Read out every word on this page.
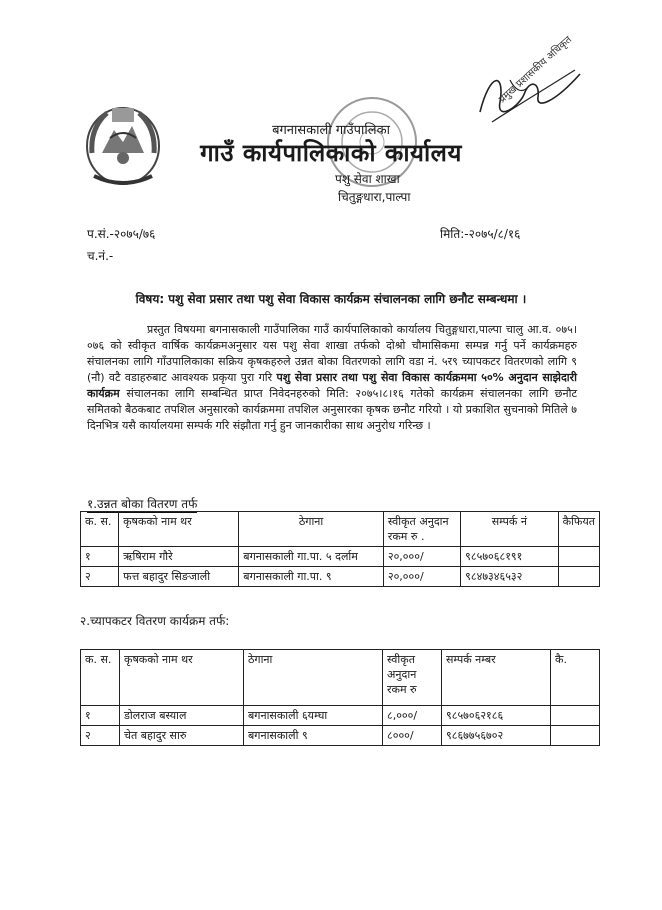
प्रमुख प्रशासकीय अधिकृत
बगनासकाली गाउँपालिका
गाउँ कार्यपालिकाको कार्यालय
पशु सेवा शाखा
चितुङ्गधारा,पाल्पा
प.सं.-२०७५/७६
च.नं.-
मिति:-२०७५/८/१६
विषय: पशु सेवा प्रसार तथा पशु सेवा विकास कार्यक्रम संचालनका लागि छनौट सम्बन्धमा ।
प्रस्तुत विषयमा बगनासकाली गाउँपालिका गाउँ कार्यपालिकाको कार्यालय चितुङ्गधारा,पाल्पा चालु आ.व. ०७५।०७६ को स्वीकृत वार्षिक कार्यक्रमअनुसार यस पशु सेवा शाखा तर्फको दोश्रो चौमासिकमा सम्पन्न गर्नु पर्ने कार्यक्रमहरु संचालनका लागि गाँउपालिकाका सक्रिय कृषकहरुले उन्नत बोका वितरणको लागि वडा नं. ५र९ च्यापकटर वितरणको लागि ९ (नौ) वटै वडाहरुबाट आवश्यक प्रकृया पुरा गरि पशु सेवा प्रसार तथा पशु सेवा विकास कार्यक्रममा ५०% अनुदान साझेदारी कार्यक्रम संचालनका लागि सम्बन्धित प्राप्त निवेदनहरुको मिति: २०७५।८।१६ गतेको कार्यक्रम संचालनका लागि छनौट समितको बैठकबाट तपशिल अनुसारको कार्यक्रममा तपशिल अनुसारका कृषक छनौट गरियो । यो प्रकाशित सुचनाको मितिले ७ दिनभित्र यसै कार्यालयमा सम्पर्क गरि संझौता गर्नु हुन जानकारीका साथ अनुरोध गरिन्छ ।
१.उन्नत बोका वितरण तर्फ
क. स.	कृषकको नाम थर	ठेगाना	स्वीकृत अनुदान रकम रु .	सम्पर्क नं	कैफियत
१	ऋषिराम गौरे	बगनासकाली गा.पा. ५ दर्लाम	२०,०००/	९८५७०६८१९१	
२	फत्त बहादुर सिङजाली	बगनासकाली गा.पा. ९	२०,०००/	९८४७३४६५३२	
२.च्यापकटर वितरण कार्यक्रम तर्फ:
क. स.	कृषकको नाम थर	ठेगाना	स्वीकृत अनुदान रकम रु	सम्पर्क नम्बर	कै.
१	डोलराज बस्याल	बगनासकाली ६यम्घा	८,०००/	९८५७०६२१८६	
२	चेत बहादुर सारु	बगनासकाली ९	८०००/	९८६७७५६७०२	
